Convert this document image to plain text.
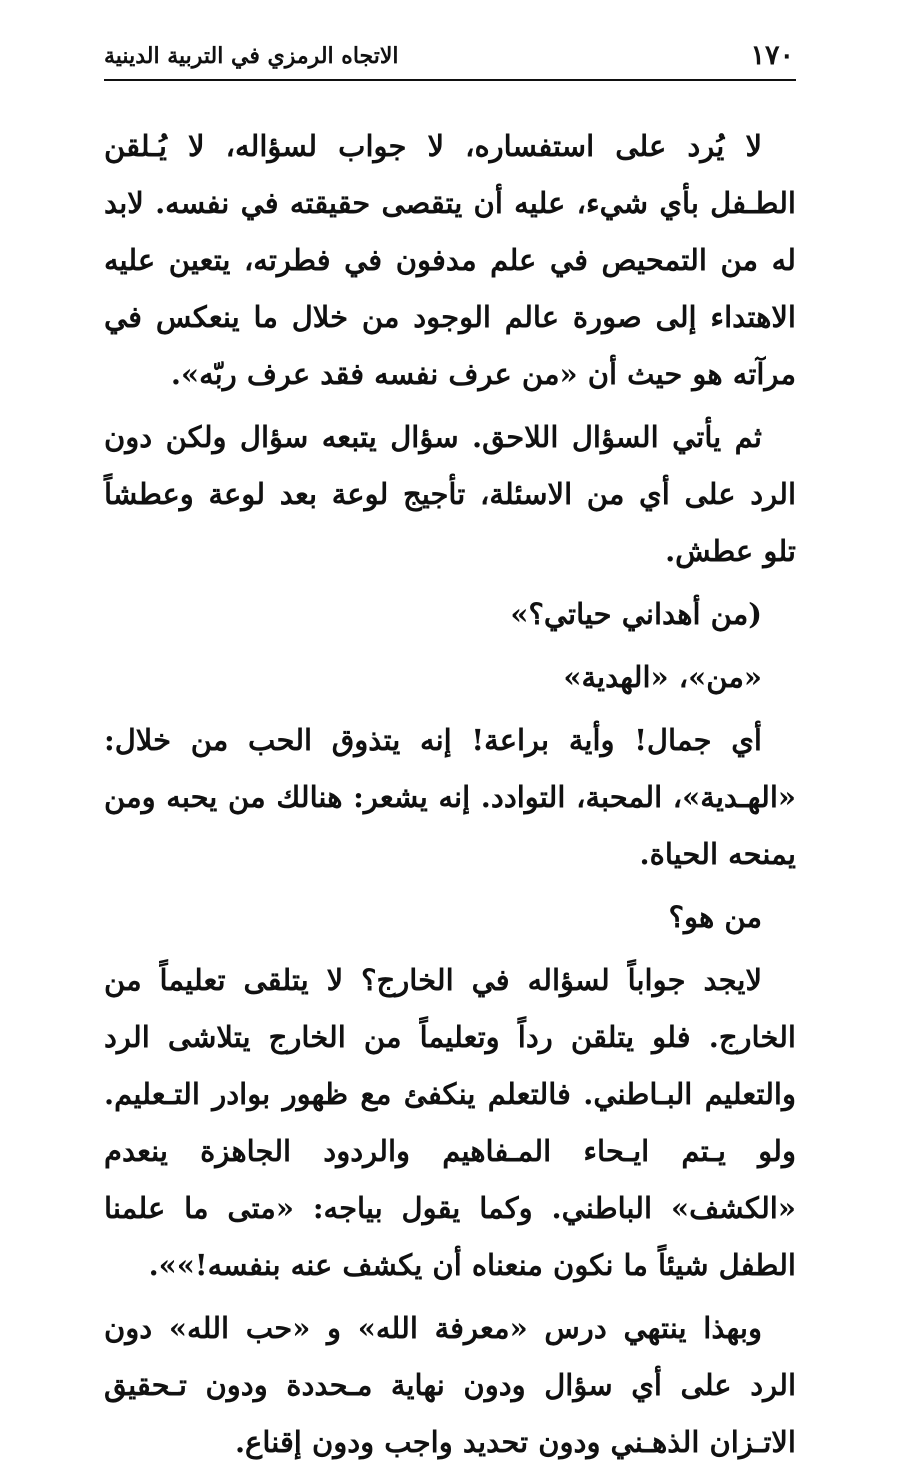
١٧٠
الاتجاه الرمزي في التربية الدينية

لا يُرد على استفساره، لا جواب لسؤاله، لا يُـلقن الطـفل بأي شيء، عليه أن يتقصى حقيقته في نفسه. لابد له من التمحيص في علم مدفون في فطرته، يتعين عليه الاهتداء إلى صورة عالم الوجود من خلال ما ينعكس في مرآته هو حيث أن «من عرف نفسه فقد عرف ربّه».

ثم يأتي السؤال اللاحق. سؤال يتبعه سؤال ولكن دون الرد على أي من الاسئلة، تأجيج لوعة بعد لوعة وعطشاً تلو عطش.

(من أهداني حياتي؟»

«من»، «الهدية»

أي جمال! وأية براعة! إنه يتذوق الحب من خلال: «الهـدية»، المحبة، التوادد. إنه يشعر: هنالك من يحبه ومن يمنحه الحياة.

من هو؟

لايجد جواباً لسؤاله في الخارج؟ لا يتلقى تعليماً من الخارج. فلو يتلقن رداً وتعليماً من الخارج يتلاشى الرد والتعليم البـاطني. فالتعلم ينكفئ مع ظهور بوادر التـعليم. ولو يـتم ايـحاء المـفاهيم والردود الجاهزة ينعدم «الكشف» الباطني. وكما يقول بياجه: «متى ما علمنا الطفل شيئاً ما نكون منعناه أن يكشف عنه بنفسه!»».

وبهذا ينتهي درس «معرفة الله» و «حب الله» دون الرد على أي سؤال ودون نهاية مـحددة ودون تـحقيق الاتـزان الذهـني ودون تحديد واجب ودون إقناع.
